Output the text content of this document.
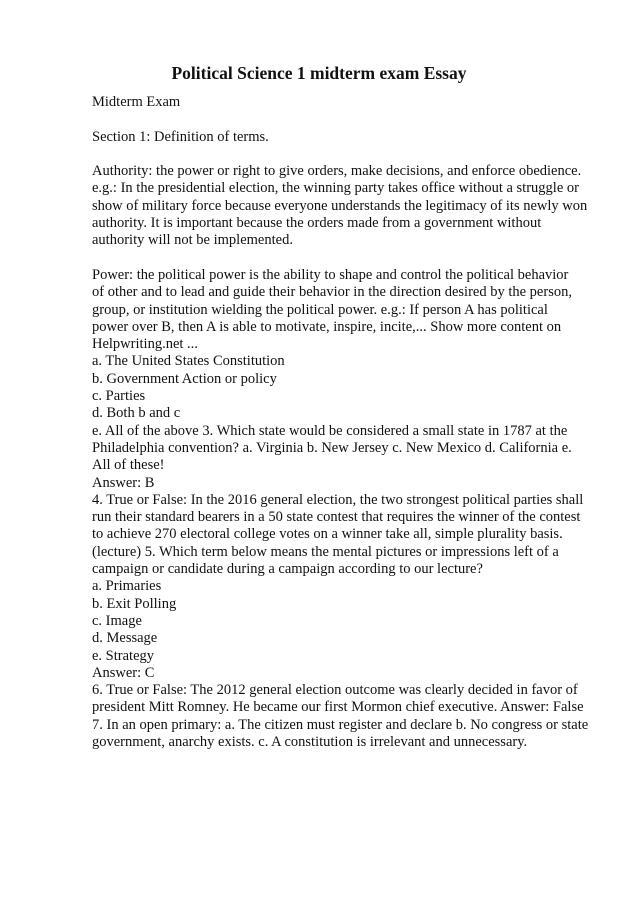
Political Science 1 midterm exam Essay

Midterm Exam

Section 1: Definition of terms.

Authority: the power or right to give orders, make decisions, and enforce obedience.
e.g.: In the presidential election, the winning party takes office without a struggle or
show of military force because everyone understands the legitimacy of its newly won
authority. It is important because the orders made from a government without
authority will not be implemented.

Power: the political power is the ability to shape and control the political behavior
of other and to lead and guide their behavior in the direction desired by the person,
group, or institution wielding the political power. e.g.: If person A has political
power over B, then A is able to motivate, inspire, incite,... Show more content on
Helpwriting.net ...
a. The United States Constitution
b. Government Action or policy
c. Parties
d. Both b and c
e. All of the above 3. Which state would be considered a small state in 1787 at the
Philadelphia convention? a. Virginia b. New Jersey c. New Mexico d. California e.
All of these!
Answer: B
4. True or False: In the 2016 general election, the two strongest political parties shall
run their standard bearers in a 50 state contest that requires the winner of the contest
to achieve 270 electoral college votes on a winner take all, simple plurality basis.
(lecture) 5. Which term below means the mental pictures or impressions left of a
campaign or candidate during a campaign according to our lecture?
a. Primaries
b. Exit Polling
c. Image
d. Message
e. Strategy
Answer: C
6. True or False: The 2012 general election outcome was clearly decided in favor of
president Mitt Romney. He became our first Mormon chief executive. Answer: False
7. In an open primary: a. The citizen must register and declare b. No congress or state
government, anarchy exists. c. A constitution is irrelevant and unnecessary.
